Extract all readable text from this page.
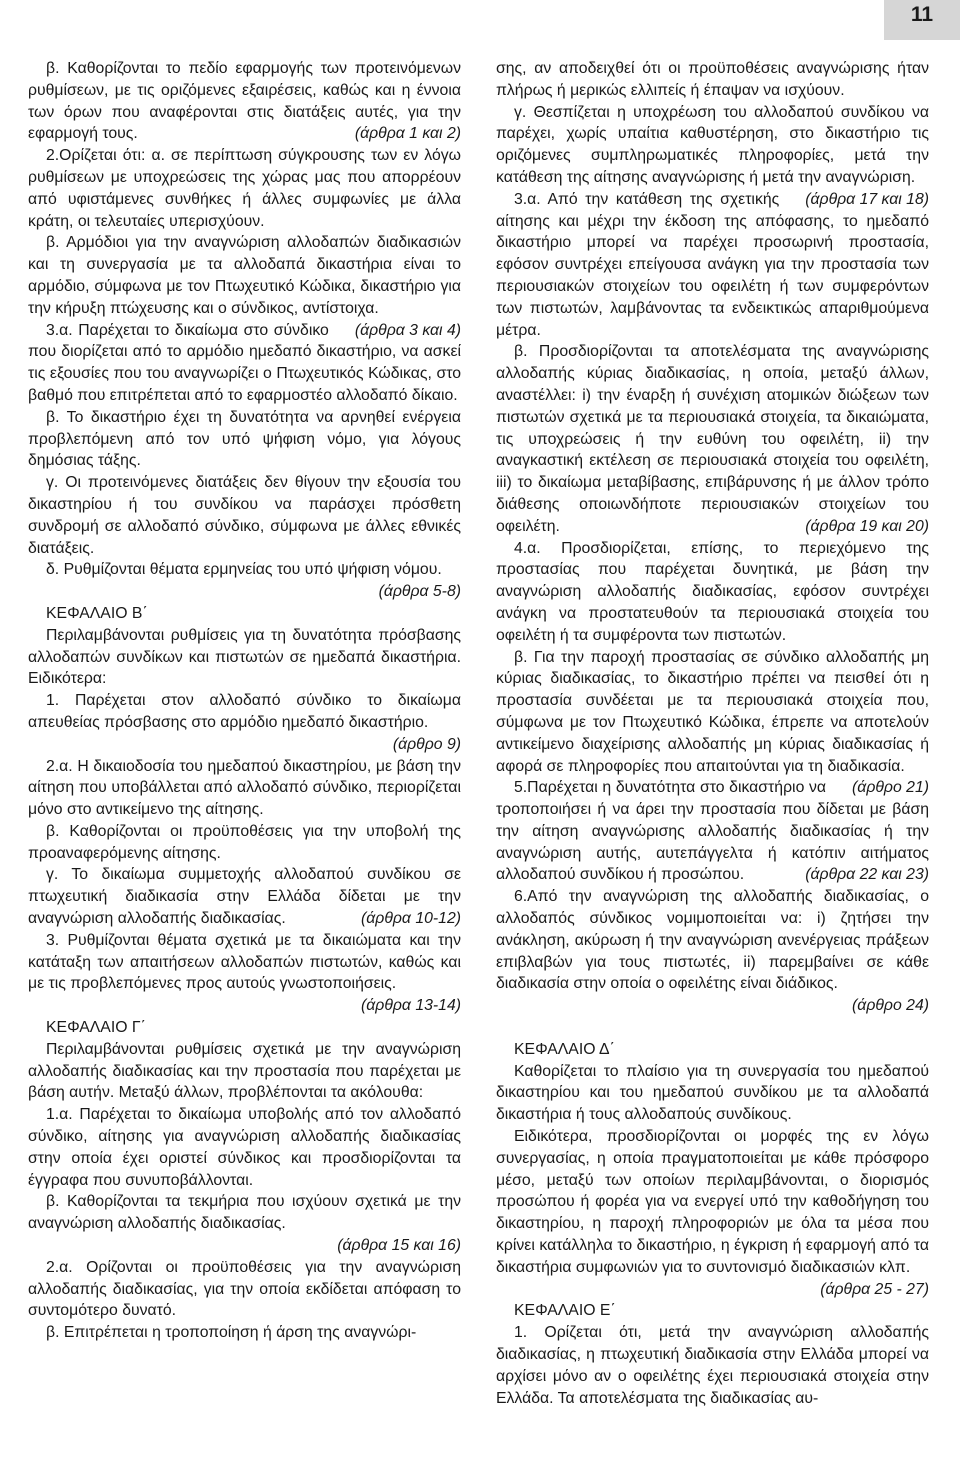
11

β. Καθορίζονται το πεδίο εφαρμογής των προτεινόμενων ρυθμίσεων, με τις οριζόμενες εξαιρέσεις, καθώς και η έννοια των όρων που αναφέρονται στις διατάξεις αυτές, για την εφαρμογή τους.	(άρθρα 1 και 2)

2.Ορίζεται ότι: α. σε περίπτωση σύγκρουσης των εν λόγω ρυθμίσεων με υποχρεώσεις της χώρας μας που απορρέουν από υφιστάμενες συνθήκες ή άλλες συμφωνίες με άλλα κράτη, οι τελευταίες υπερισχύουν.

β. Αρμόδιοι για την αναγνώριση αλλοδαπών διαδικασιών και τη συνεργασία με τα αλλοδαπά δικαστήρια είναι το αρμόδιο, σύμφωνα με τον Πτωχευτικό Κώδικα, δικαστήριο για την κήρυξη πτώχευσης και ο σύνδικος, αντίστοιχα.
(άρθρα 3 και 4)

3.α. Παρέχεται το δικαίωμα στο σύνδικο που διορίζεται από το αρμόδιο ημεδαπό δικαστήριο, να ασκεί τις εξουσίες που του αναγνωρίζει ο Πτωχευτικός Κώδικας, στο βαθμό που επιτρέπεται από το εφαρμοστέο αλλοδαπό δίκαιο.

β. Το δικαστήριο έχει τη δυνατότητα να αρνηθεί ενέργεια προβλεπόμενη από τον υπό ψήφιση νόμο, για λόγους δημόσιας τάξης.

γ. Οι προτεινόμενες διατάξεις δεν θίγουν την εξουσία του δικαστηρίου ή του συνδίκου να παράσχει πρόσθετη συνδρομή σε αλλοδαπό σύνδικο, σύμφωνα με άλλες εθνικές διατάξεις.

δ. Ρυθμίζονται θέματα ερμηνείας του υπό ψήφιση νόμου.
(άρθρα 5-8)

ΚΕΦΑΛΑΙΟ Β΄

Περιλαμβάνονται ρυθμίσεις για τη δυνατότητα πρόσβασης αλλοδαπών συνδίκων και πιστωτών σε ημεδαπά δικαστήρια. Ειδικότερα:

1. Παρέχεται στον αλλοδαπό σύνδικο το δικαίωμα απευθείας πρόσβασης στο αρμόδιο ημεδαπό δικαστήριο.

(άρθρο 9)

2.α. Η δικαιοδοσία του ημεδαπού δικαστηρίου, με βάση την αίτηση που υποβάλλεται από αλλοδαπό σύνδικο, περιορίζεται μόνο στο αντικείμενο της αίτησης.

β. Καθορίζονται οι προϋποθέσεις για την υποβολή της προαναφερόμενης αίτησης.

γ. Το δικαίωμα συμμετοχής αλλοδαπού συνδίκου σε πτωχευτική διαδικασία στην Ελλάδα δίδεται με την αναγνώριση αλλοδαπής διαδικασίας.	(άρθρα 10-12)

3. Ρυθμίζονται θέματα σχετικά με τα δικαιώματα και την κατάταξη των απαιτήσεων αλλοδαπών πιστωτών, καθώς και με τις προβλεπόμενες προς αυτούς γνωστοποιήσεις.
(άρθρα 13-14)

ΚΕΦΑΛΑΙΟ Γ΄

Περιλαμβάνονται ρυθμίσεις σχετικά με την αναγνώριση αλλοδαπής διαδικασίας και την προστασία που παρέχεται με βάση αυτήν. Μεταξύ άλλων, προβλέπονται τα ακόλουθα:

1.α. Παρέχεται το δικαίωμα υποβολής από τον αλλοδαπό σύνδικο, αίτησης για αναγνώριση αλλοδαπής διαδικασίας στην οποία έχει οριστεί σύνδικος και προσδιορίζονται τα έγγραφα που συνυποβάλλονται.

β. Καθορίζονται τα τεκμήρια που ισχύουν σχετικά με την αναγνώριση αλλοδαπής διαδικασίας.

(άρθρα 15 και 16)

2.α. Ορίζονται οι προϋποθέσεις για την αναγνώριση αλλοδαπής διαδικασίας, για την οποία εκδίδεται απόφαση το συντομότερο δυνατό.

β. Επιτρέπεται η τροποποίηση ή άρση της αναγνώρι-

σης, αν αποδειχθεί ότι οι προϋποθέσεις αναγνώρισης ήταν πλήρως ή μερικώς ελλιπείς ή έπαψαν να ισχύουν.

γ. Θεσπίζεται η υποχρέωση του αλλοδαπού συνδίκου να παρέχει, χωρίς υπαίτια καθυστέρηση, στο δικαστήριο τις οριζόμενες συμπληρωματικές πληροφορίες, μετά την κατάθεση της αίτησης αναγνώρισης ή μετά την αναγνώριση.
(άρθρα 17 και 18)

3.α. Από την κατάθεση της σχετικής αίτησης και μέχρι την έκδοση της απόφασης, το ημεδαπό δικαστήριο μπορεί να παρέχει προσωρινή προστασία, εφόσον συντρέχει επείγουσα ανάγκη για την προστασία των περιουσιακών στοιχείων του οφειλέτη ή των συμφερόντων των πιστωτών, λαμβάνοντας τα ενδεικτικώς απαριθμούμενα μέτρα.

β. Προσδιορίζονται τα αποτελέσματα της αναγνώρισης αλλοδαπής κύριας διαδικασίας, η οποία, μεταξύ άλλων, αναστέλλει: i) την έναρξη ή συνέχιση ατομικών διώξεων των πιστωτών σχετικά με τα περιουσιακά στοιχεία, τα δικαιώματα, τις υποχρεώσεις ή την ευθύνη του οφειλέτη, ii) την αναγκαστική εκτέλεση σε περιουσιακά στοιχεία του οφειλέτη, iii) το δικαίωμα μεταβίβασης, επιβάρυνσης ή με άλλον τρόπο διάθεσης οποιωνδήποτε περιουσιακών στοιχείων του οφειλέτη.	(άρθρα 19 και 20)

4.α. Προσδιορίζεται, επίσης, το περιεχόμενο της προστασίας που παρέχεται δυνητικά, με βάση την αναγνώριση αλλοδαπής διαδικασίας, εφόσον συντρέχει ανάγκη να προστατευθούν τα περιουσιακά στοιχεία του οφειλέτη ή τα συμφέροντα των πιστωτών.

β. Για την παροχή προστασίας σε σύνδικο αλλοδαπής μη κύριας διαδικασίας, το δικαστήριο πρέπει να πεισθεί ότι η προστασία συνδέεται με τα περιουσιακά στοιχεία που, σύμφωνα με τον Πτωχευτικό Κώδικα, έπρεπε να αποτελούν αντικείμενο διαχείρισης αλλοδαπής μη κύριας διαδικασίας ή αφορά σε πληροφορίες που απαιτούνται για τη διαδικασία.
(άρθρο 21)

5.Παρέχεται η δυνατότητα στο δικαστήριο να τροποποιήσει ή να άρει την προστασία που δίδεται με βάση την αίτηση αναγνώρισης αλλοδαπής διαδικασίας ή την αναγνώριση αυτής, αυτεπάγγελτα ή κατόπιν αιτήματος αλλοδαπού συνδίκου ή προσώπου.	(άρθρα 22 και 23)

6.Από την αναγνώριση της αλλοδαπής διαδικασίας, ο αλλοδαπός σύνδικος νομιμοποιείται να: i) ζητήσει την ανάκληση, ακύρωση ή την αναγνώριση ανενέργειας πράξεων επιβλαβών για τους πιστωτές, ii) παρεμβαίνει σε κάθε διαδικασία στην οποία ο οφειλέτης είναι διάδικος.

(άρθρο 24)

ΚΕΦΑΛΑΙΟ Δ΄

Καθορίζεται το πλαίσιο για τη συνεργασία του ημεδαπού δικαστηρίου και του ημεδαπού συνδίκου με τα αλλοδαπά δικαστήρια ή τους αλλοδαπούς συνδίκους.

Ειδικότερα, προσδιορίζονται οι μορφές της εν λόγω συνεργασίας, η οποία πραγματοποιείται με κάθε πρόσφορο μέσο, μεταξύ των οποίων περιλαμβάνονται, ο διορισμός προσώπου ή φορέα για να ενεργεί υπό την καθοδήγηση του δικαστηρίου, η παροχή πληροφοριών με όλα τα μέσα που κρίνει κατάλληλα το δικαστήριο, η έγκριση ή εφαρμογή από τα δικαστήρια συμφωνιών για το συντονισμό διαδικασιών κλπ.
(άρθρα 25 - 27)

ΚΕΦΑΛΑΙΟ Ε΄

1. Ορίζεται ότι, μετά την αναγνώριση αλλοδαπής διαδικασίας, η πτωχευτική διαδικασία στην Ελλάδα μπορεί να αρχίσει μόνο αν ο οφειλέτης έχει περιουσιακά στοιχεία στην Ελλάδα. Τα αποτελέσματα της διαδικασίας αυ-
